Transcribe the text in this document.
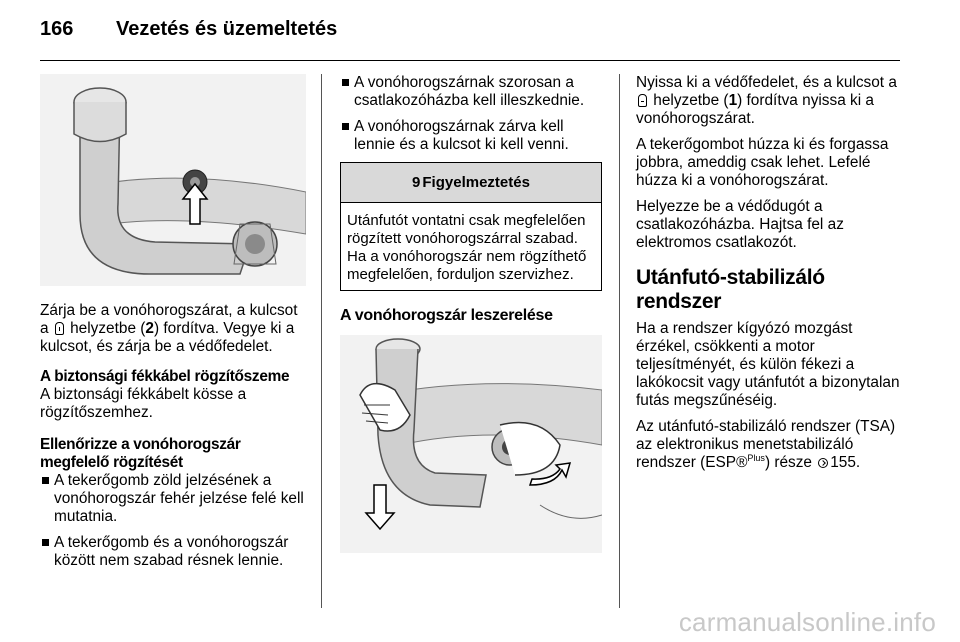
166	Vezetés és üzemeltetés

Zárja be a vonóhorogszárat, a kulcsot a  helyzetbe (2) fordítva. Vegye ki a kulcsot, és zárja be a védőfedelet.

A biztonsági fékkábel rögzítőszeme

A biztonsági fékkábelt kösse a rögzítőszemhez.

Ellenőrizze a vonóhorogszár megfelelő rögzítését
A tekerőgomb zöld jelzésének a vonóhorogszár fehér jelzése felé kell mutatnia.
A tekerőgomb és a vonóhorogszár között nem szabad résnek lennie.
A vonóhorogszárnak szorosan a csatlakozóházba kell illeszkednie.
A vonóhorogszárnak zárva kell lennie és a kulcsot ki kell venni.
9 Figyelmeztetés
Utánfutót vontatni csak megfelelően rögzített vonóhorogszárral szabad. Ha a vonóhorogszár nem rögzíthető megfelelően, forduljon szervizhez.
A vonóhorogszár leszerelése

Nyissa ki a védőfedelet, és a kulcsot a  helyzetbe (1) fordítva nyissa ki a vonóhorogszárat.

A tekerőgombot húzza ki és forgassa jobbra, ameddig csak lehet. Lefelé húzza ki a vonóhorogszárat.

Helyezze be a védődugót a csatlakozóházba. Hajtsa fel az elektromos csatlakozót.

Utánfutó-stabilizáló rendszer

Ha a rendszer kígyózó mozgást érzékel, csökkenti a motor teljesítményét, és külön fékezi a lakókocsit vagy utánfutót a bizonytalan futás megszűnéséig.

Az utánfutó-stabilizáló rendszer (TSA) az elektronikus menetstabilizáló rendszer (ESP®$^{Plus}$) része 155.

carmanualsonline.info
